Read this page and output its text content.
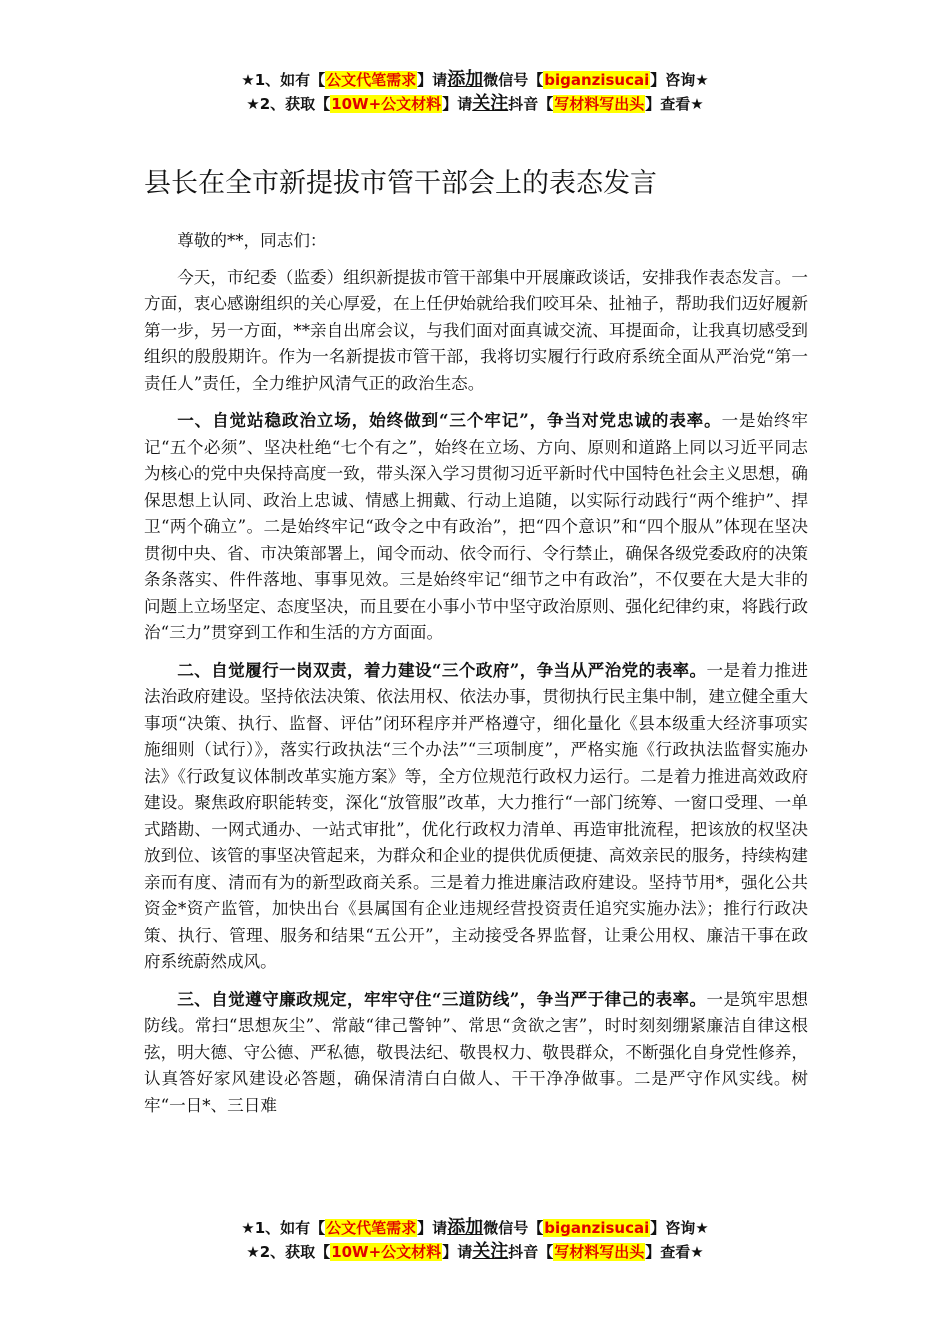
★1、如有【公文代笔需求】请添加微信号【biganzisucai】咨询★
★2、获取【10W+公文材料】请关注抖音【写材料写出头】查看★
县长在全市新提拔市管干部会上的表态发言

尊敬的**，同志们：

今天，市纪委（监委）组织新提拔市管干部集中开展廉政谈话，安排我作表态发言。一方面，衷心感谢组织的关心厚爱，在上任伊始就给我们咬耳朵、扯袖子，帮助我们迈好履新第一步，另一方面，**亲自出席会议，与我们面对面真诚交流、耳提面命，让我真切感受到组织的殷殷期许。作为一名新提拔市管干部，我将切实履行行政府系统全面从严治党“第一责任人”责任，全力维护风清气正的政治生态。

一、自觉站稳政治立场，始终做到“三个牢记”，争当对党忠诚的表率。一是始终牢记“五个必须”、坚决杜绝“七个有之”，始终在立场、方向、原则和道路上同以习近平同志为核心的党中央保持高度一致，带头深入学习贯彻习近平新时代中国特色社会主义思想，确保思想上认同、政治上忠诚、情感上拥戴、行动上追随，以实际行动践行“两个维护”、捍卫“两个确立”。二是始终牢记“政令之中有政治”，把“四个意识”和“四个服从”体现在坚决贯彻中央、省、市决策部署上，闻令而动、依令而行、令行禁止，确保各级党委政府的决策条条落实、件件落地、事事见效。三是始终牢记“细节之中有政治”，不仅要在大是大非的问题上立场坚定、态度坚决，而且要在小事小节中坚守政治原则、强化纪律约束，将践行政治“三力”贯穿到工作和生活的方方面面。

二、自觉履行一岗双责，着力建设“三个政府”，争当从严治党的表率。一是着力推进法治政府建设。坚持依法决策、依法用权、依法办事，贯彻执行民主集中制，建立健全重大事项“决策、执行、监督、评估”闭环程序并严格遵守，细化量化《县本级重大经济事项实施细则（试行）》，落实行政执法“三个办法”“三项制度”，严格实施《行政执法监督实施办法》《行政复议体制改革实施方案》等，全方位规范行政权力运行。二是着力推进高效政府建设。聚焦政府职能转变，深化“放管服”改革，大力推行“一部门统筹、一窗口受理、一单式踏勘、一网式通办、一站式审批”，优化行政权力清单、再造审批流程，把该放的权坚决放到位、该管的事坚决管起来，为群众和企业的提供优质便捷、高效亲民的服务，持续构建亲而有度、清而有为的新型政商关系。三是着力推进廉洁政府建设。坚持节用*，强化公共资金*资产监管，加快出台《县属国有企业违规经营投资责任追究实施办法》；推行行政决策、执行、管理、服务和结果“五公开”，主动接受各界监督，让秉公用权、廉洁干事在政府系统蔚然成风。

三、自觉遵守廉政规定，牢牢守住“三道防线”，争当严于律己的表率。一是筑牢思想防线。常扫“思想灰尘”、常敲“律己警钟”、常思“贪欲之害”，时时刻刻绷紧廉洁自律这根弦，明大德、守公德、严私德，敬畏法纪、敬畏权力、敬畏群众，不断强化自身党性修养，认真答好家风建设必答题，确保清清白白做人、干干净净做事。二是严守作风实线。树牢“一日*、三日难

★1、如有【公文代笔需求】请添加微信号【biganzisucai】咨询★
★2、获取【10W+公文材料】请关注抖音【写材料写出头】查看★
